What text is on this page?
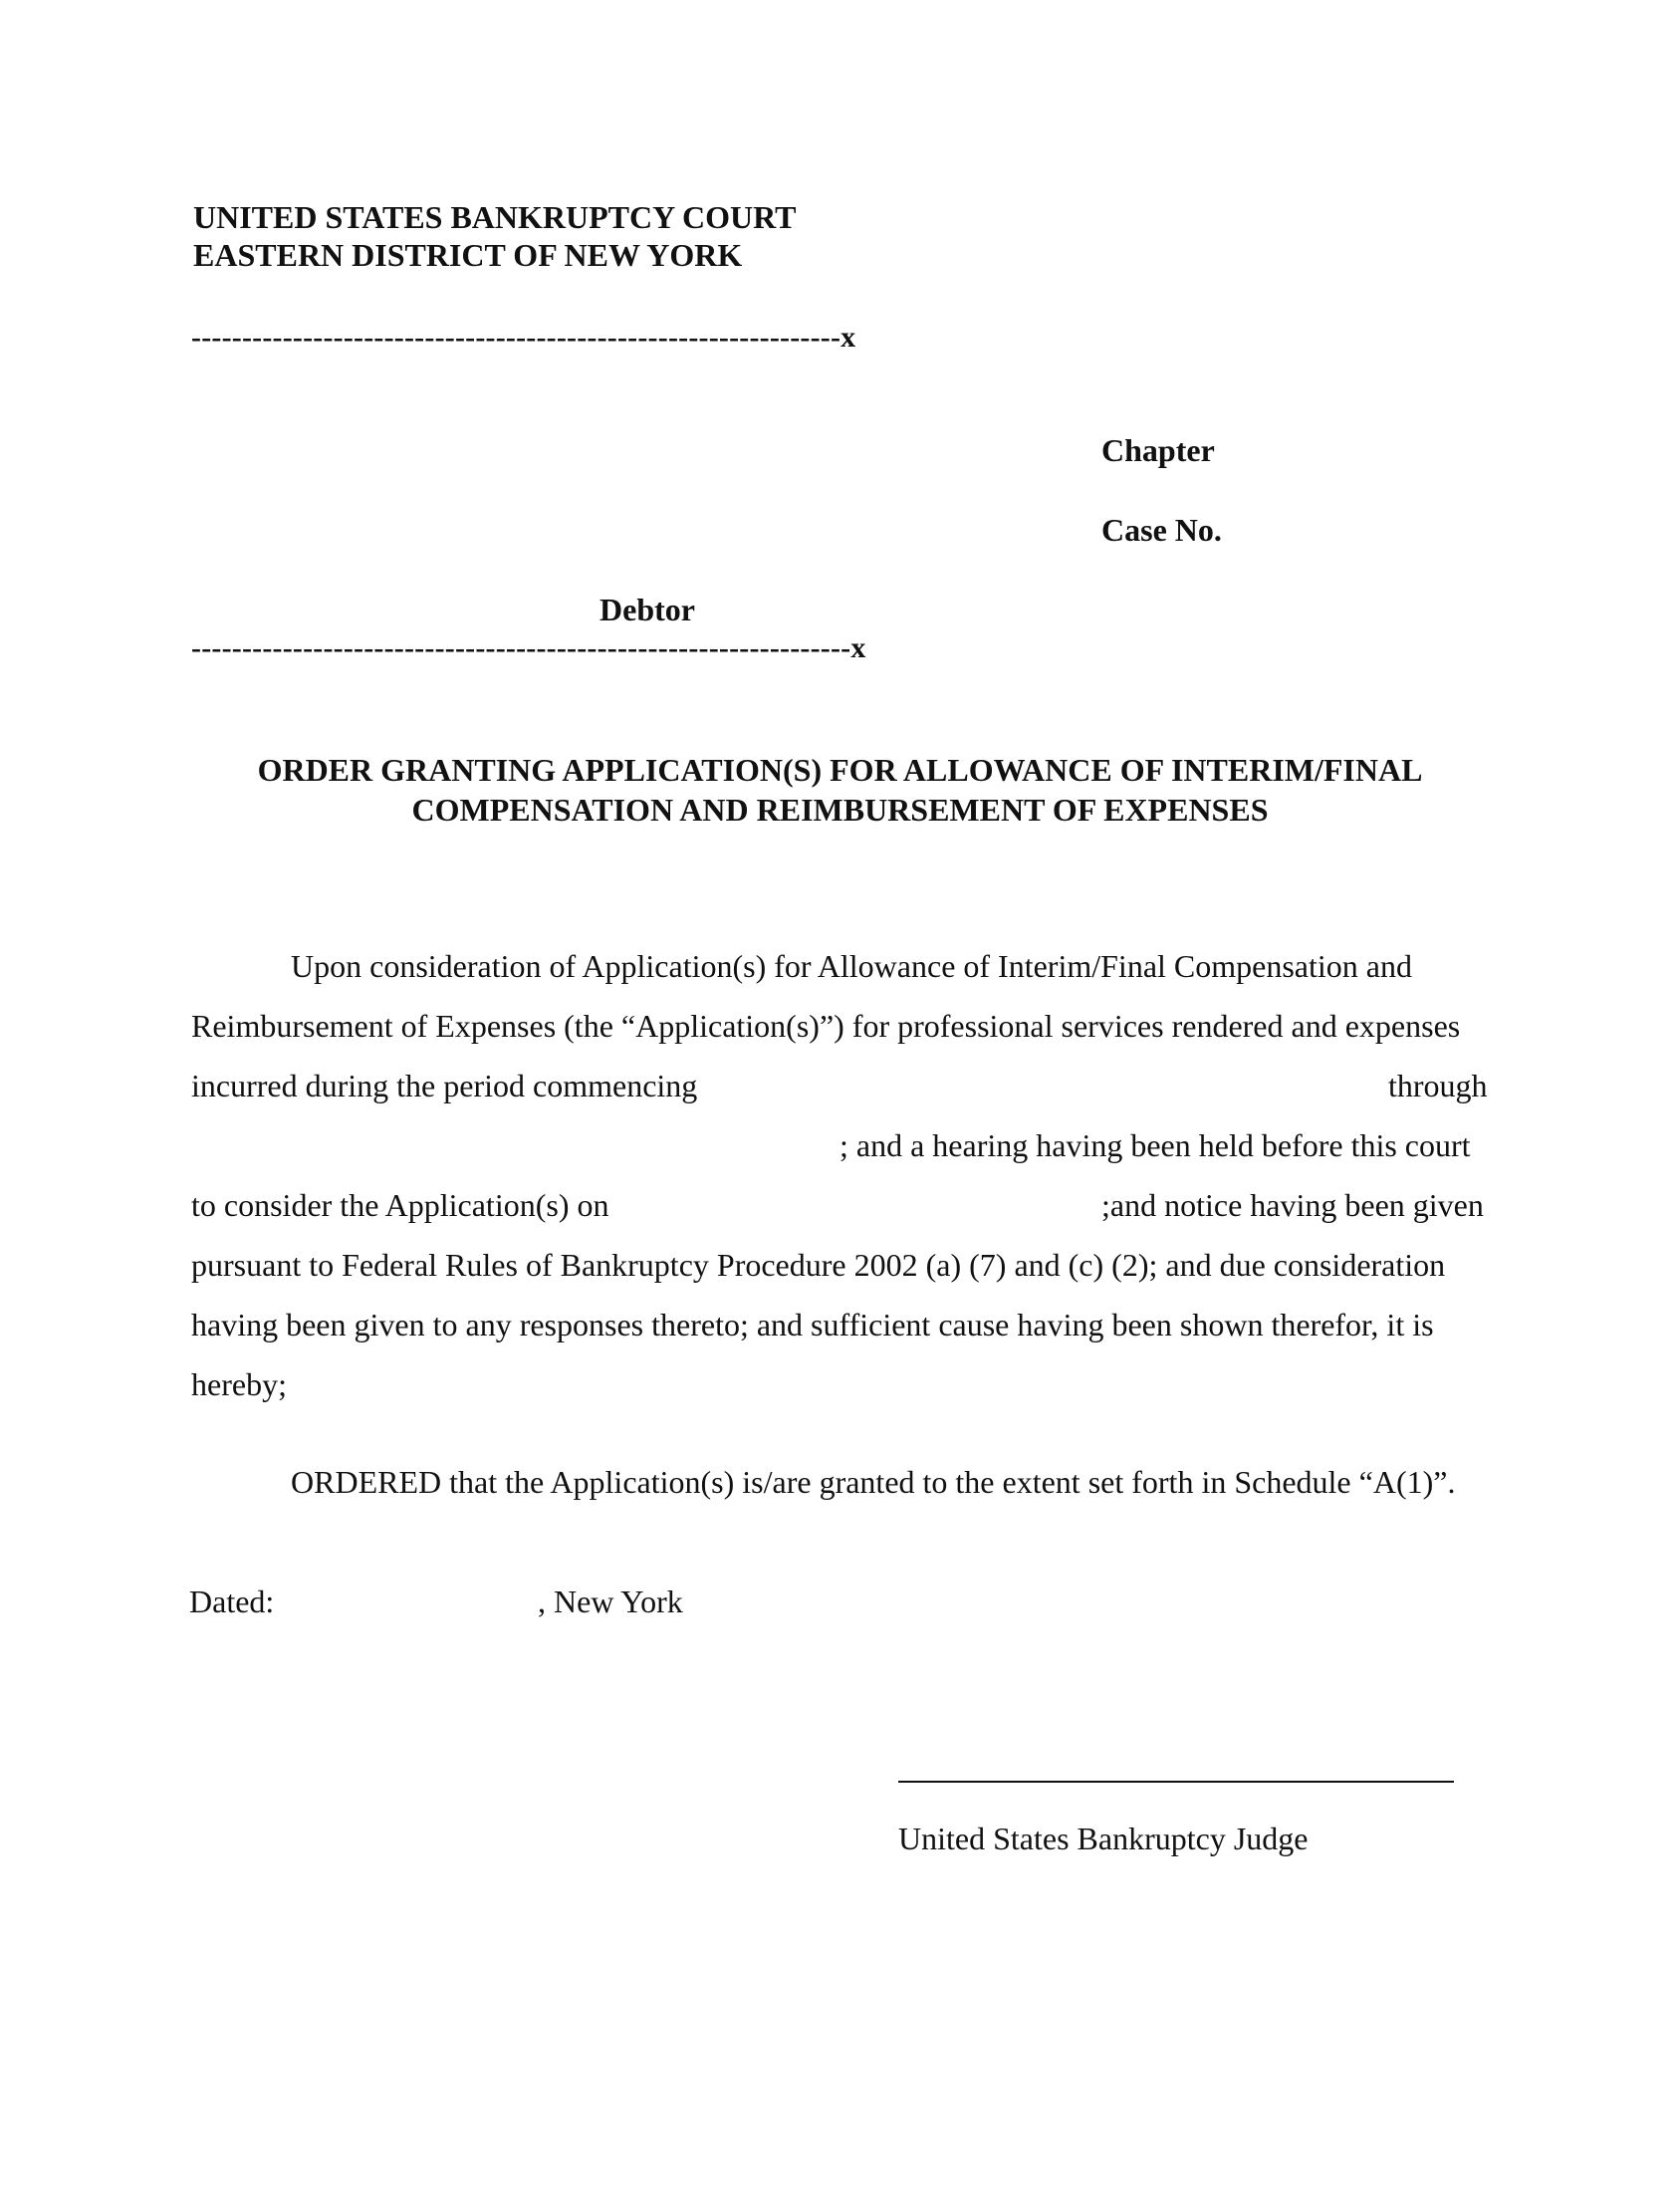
UNITED STATES BANKRUPTCY COURT
EASTERN DISTRICT OF NEW YORK
----------------------------------------------------------------x
Chapter
Case No.
Debtor
-----------------------------------------------------------------x
ORDER GRANTING APPLICATION(S) FOR ALLOWANCE OF INTERIM/FINAL
COMPENSATION AND REIMBURSEMENT OF EXPENSES
Upon consideration of Application(s) for Allowance of Interim/Final Compensation and
Reimbursement of Expenses (the “Application(s)”) for professional services rendered and expenses
incurred during the period commencing	through
; and a hearing having been held before this court
to consider the Application(s) on	;and notice having been given
pursuant to Federal Rules of Bankruptcy Procedure 2002 (a) (7) and (c) (2); and due consideration
having been given to any responses thereto; and sufficient cause having been shown therefor, it is
hereby;
ORDERED that the Application(s) is/are granted to the extent set forth in Schedule “A(1)”.
Dated:	, New York
United States Bankruptcy Judge
